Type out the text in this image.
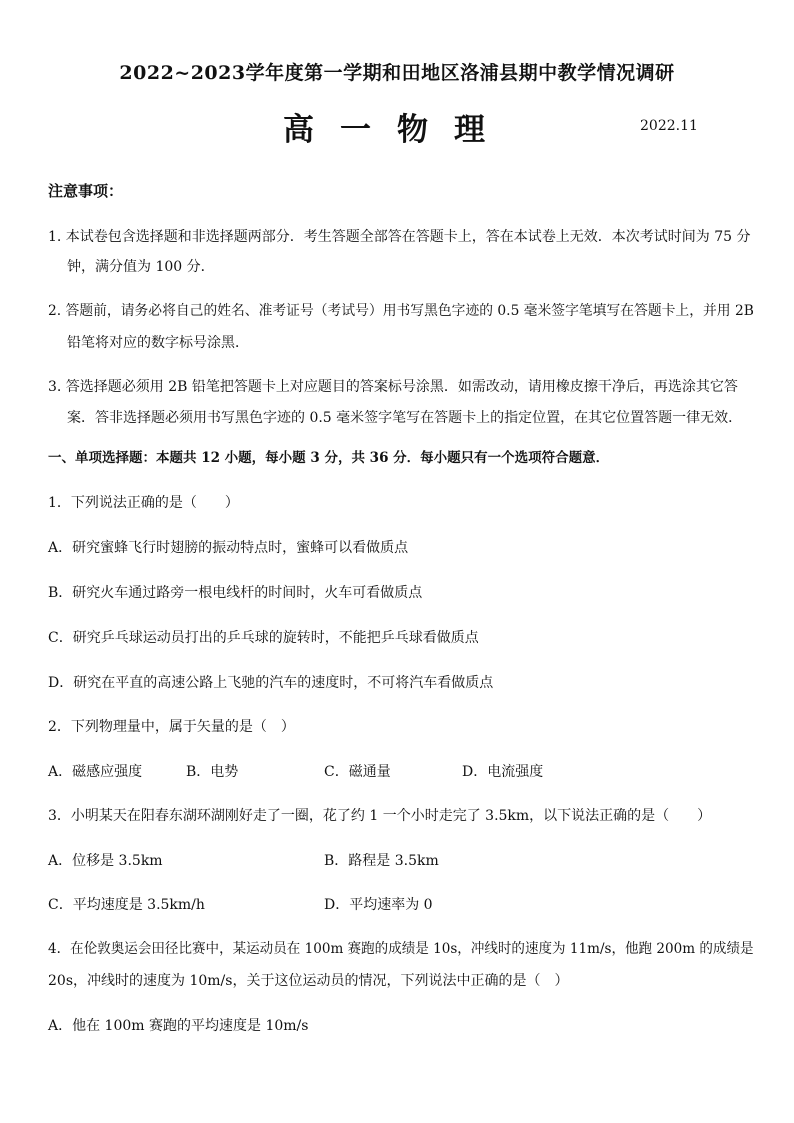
2022~2023学年度第一学期和田地区洛浦县期中教学情况调研
高一物理	2022.11
注意事项：
1. 本试卷包含选择题和非选择题两部分．考生答题全部答在答题卡上，答在本试卷上无效．本次考试时间为 75 分
钟，满分值为 100 分．
2. 答题前，请务必将自己的姓名、准考证号（考试号）用书写黑色字迹的 0.5 毫米签字笔填写在答题卡上，并用 2B
铅笔将对应的数字标号涂黑．
3. 答选择题必须用 2B 铅笔把答题卡上对应题目的答案标号涂黑．如需改动，请用橡皮擦干净后，再选涂其它答
案．答非选择题必须用书写黑色字迹的 0.5 毫米签字笔写在答题卡上的指定位置，在其它位置答题一律无效．
一、单项选择题：本题共 12 小题，每小题 3 分，共 36 分．每小题只有一个选项符合题意．
1．下列说法正确的是（　　）
A．研究蜜蜂飞行时翅膀的振动特点时，蜜蜂可以看做质点
B．研究火车通过路旁一根电线杆的时间时，火车可看做质点
C．研究乒乓球运动员打出的乒乓球的旋转时，不能把乒乓球看做质点
D．研究在平直的高速公路上飞驰的汽车的速度时，不可将汽车看做质点
2．下列物理量中，属于矢量的是（　）
A．磁感应强度	B．电势	C．磁通量	D．电流强度
3．小明某天在阳春东湖环湖刚好走了一圈，花了约 1 一个小时走完了 3.5km，以下说法正确的是（　　）
A．位移是 3.5km	B．路程是 3.5km
C．平均速度是 3.5km/h	D．平均速率为 0
4．在伦敦奥运会田径比赛中，某运动员在 100m 赛跑的成绩是 10s，冲线时的速度为 11m/s，他跑 200m 的成绩是
20s，冲线时的速度为 10m/s，关于这位运动员的情况，下列说法中正确的是（　）
A．他在 100m 赛跑的平均速度是 10m/s
